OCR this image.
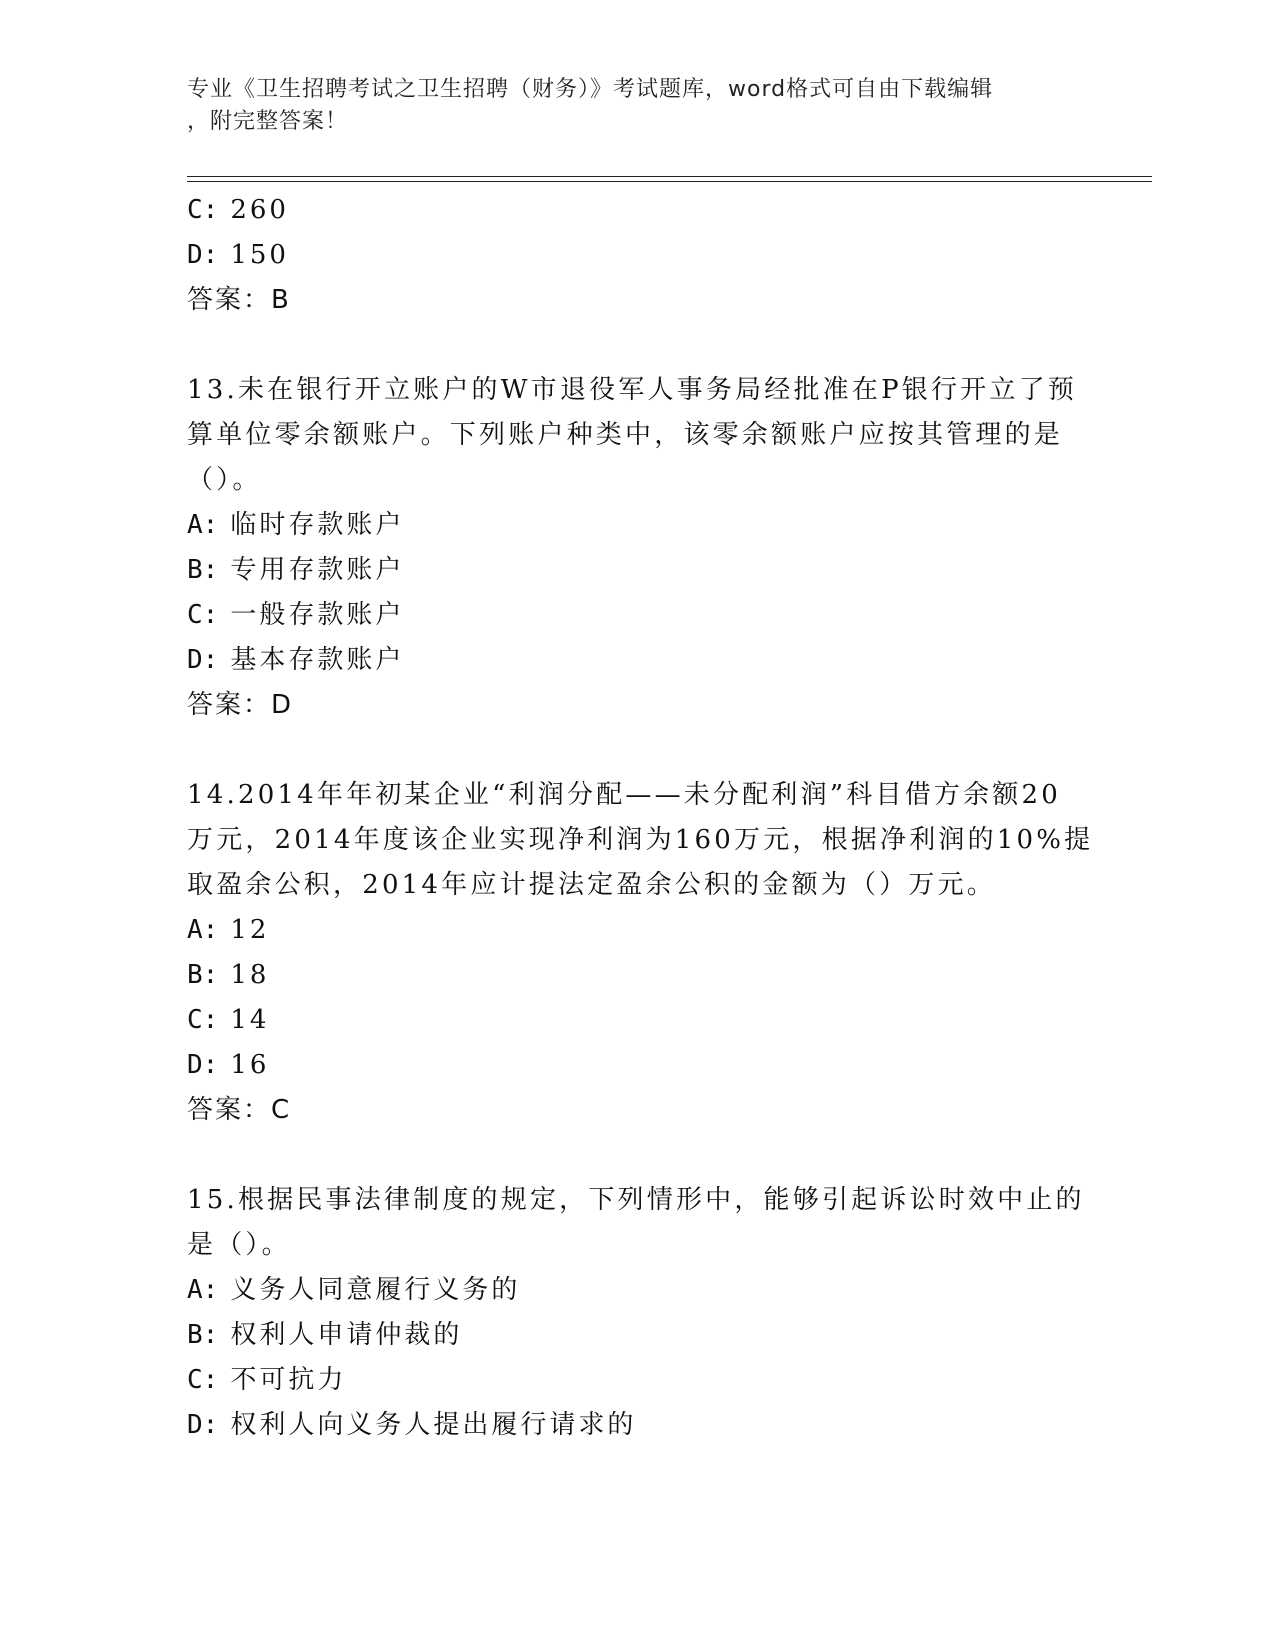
专业《卫生招聘考试之卫生招聘（财务）》考试题库，word格式可自由下载编辑
，附完整答案！
C: 260
D: 150
答案：B
13.未在银行开立账户的W市退役军人事务局经批准在P银行开立了预
算单位零余额账户。下列账户种类中，该零余额账户应按其管理的是
（）。
A: 临时存款账户
B: 专用存款账户
C: 一般存款账户
D: 基本存款账户
答案：D
14.2014年年初某企业“利润分配——未分配利润”科目借方余额20
万元，2014年度该企业实现净利润为160万元，根据净利润的10%提
取盈余公积，2014年应计提法定盈余公积的金额为（）万元。
A: 12
B: 18
C: 14
D: 16
答案：C
15.根据民事法律制度的规定，下列情形中，能够引起诉讼时效中止的
是（）。
A: 义务人同意履行义务的
B: 权利人申请仲裁的
C: 不可抗力
D: 权利人向义务人提出履行请求的
